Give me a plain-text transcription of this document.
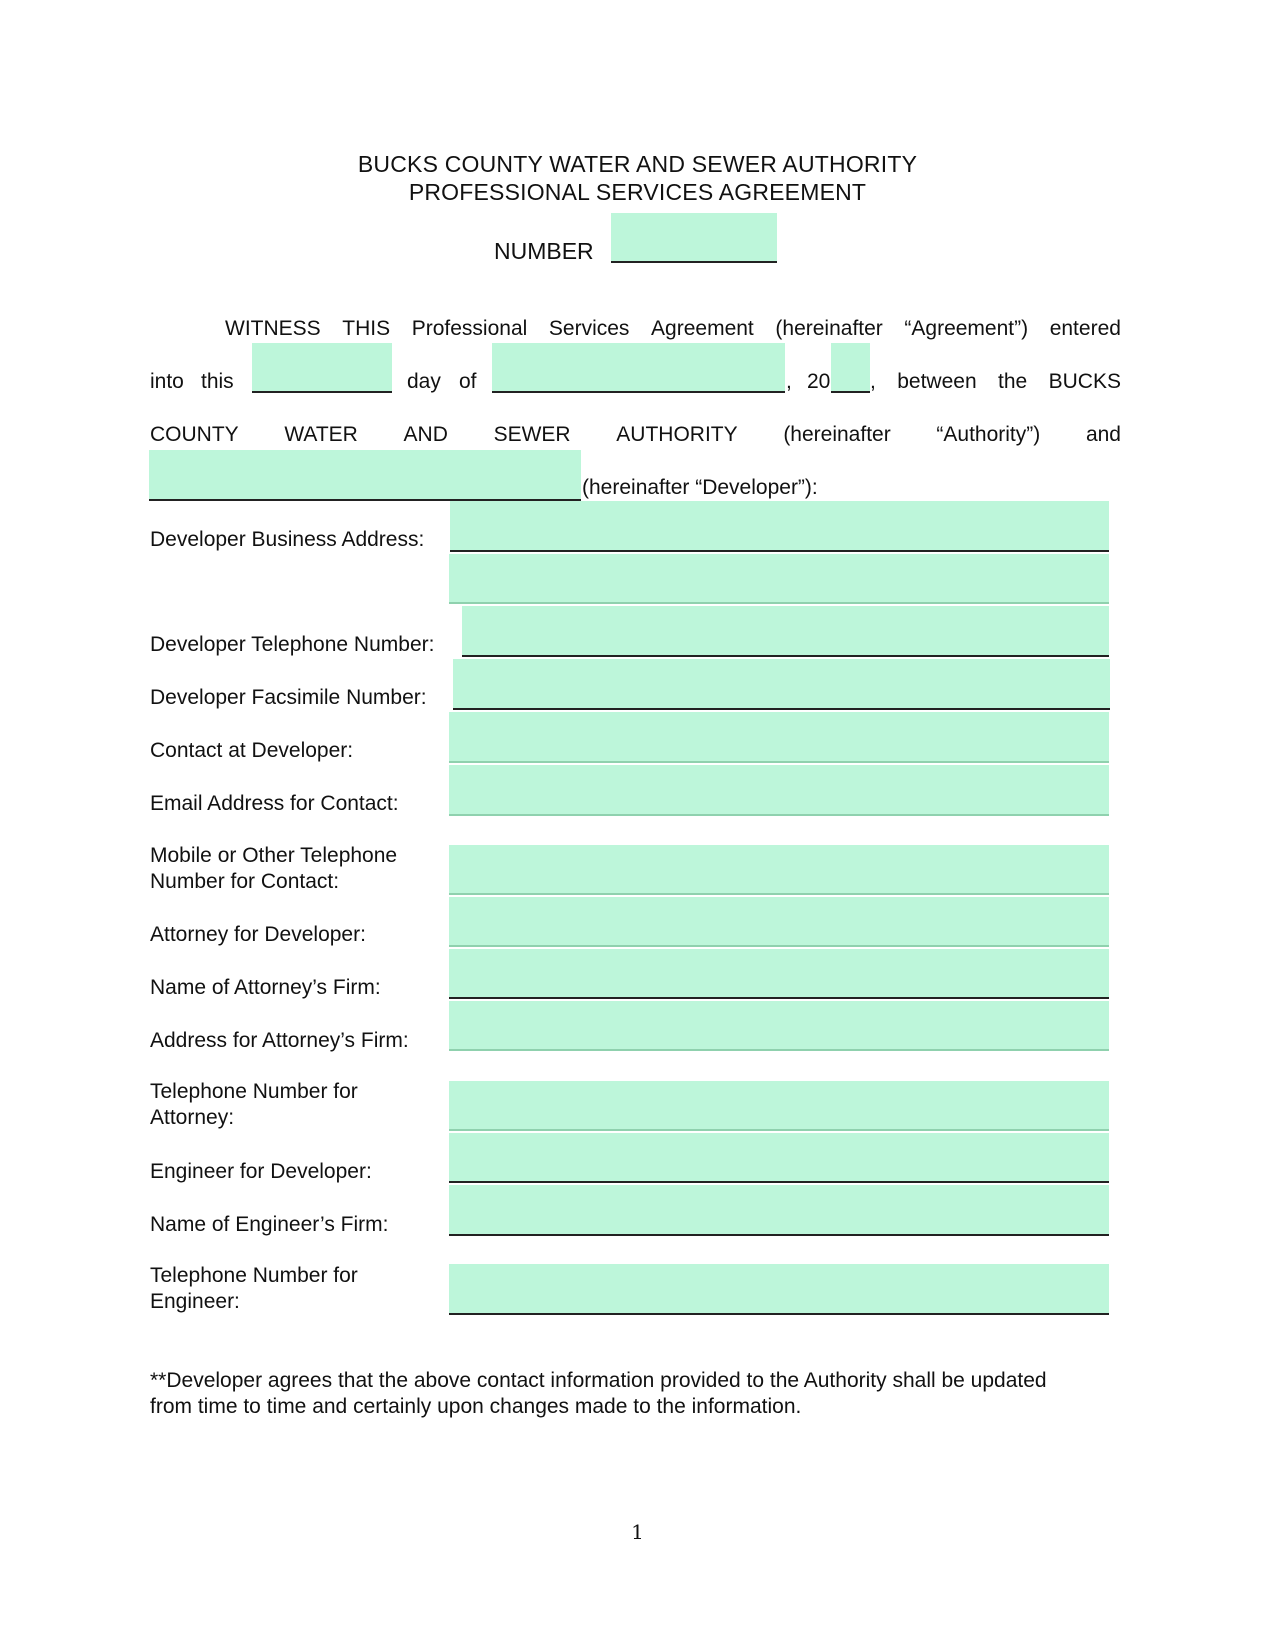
BUCKS COUNTY WATER AND SEWER AUTHORITY
PROFESSIONAL SERVICES AGREEMENT
NUMBER
WITNESS THIS Professional Services Agreement (hereinafter “Agreement”) entered
into this	day of	, 20 , between the BUCKS
COUNTY WATER AND SEWER AUTHORITY (hereinafter “Authority”) and
(hereinafter “Developer”):
Developer Business Address:
Developer Telephone Number:
Developer Facsimile Number:
Contact at Developer:
Email Address for Contact:
Mobile or Other Telephone Number for Contact:
Attorney for Developer:
Name of Attorney’s Firm:
Address for Attorney’s Firm:
Telephone Number for Attorney:
Engineer for Developer:
Name of Engineer’s Firm:
Telephone Number for Engineer:
**Developer agrees that the above contact information provided to the Authority shall be updated from time to time and certainly upon changes made to the information.
1
